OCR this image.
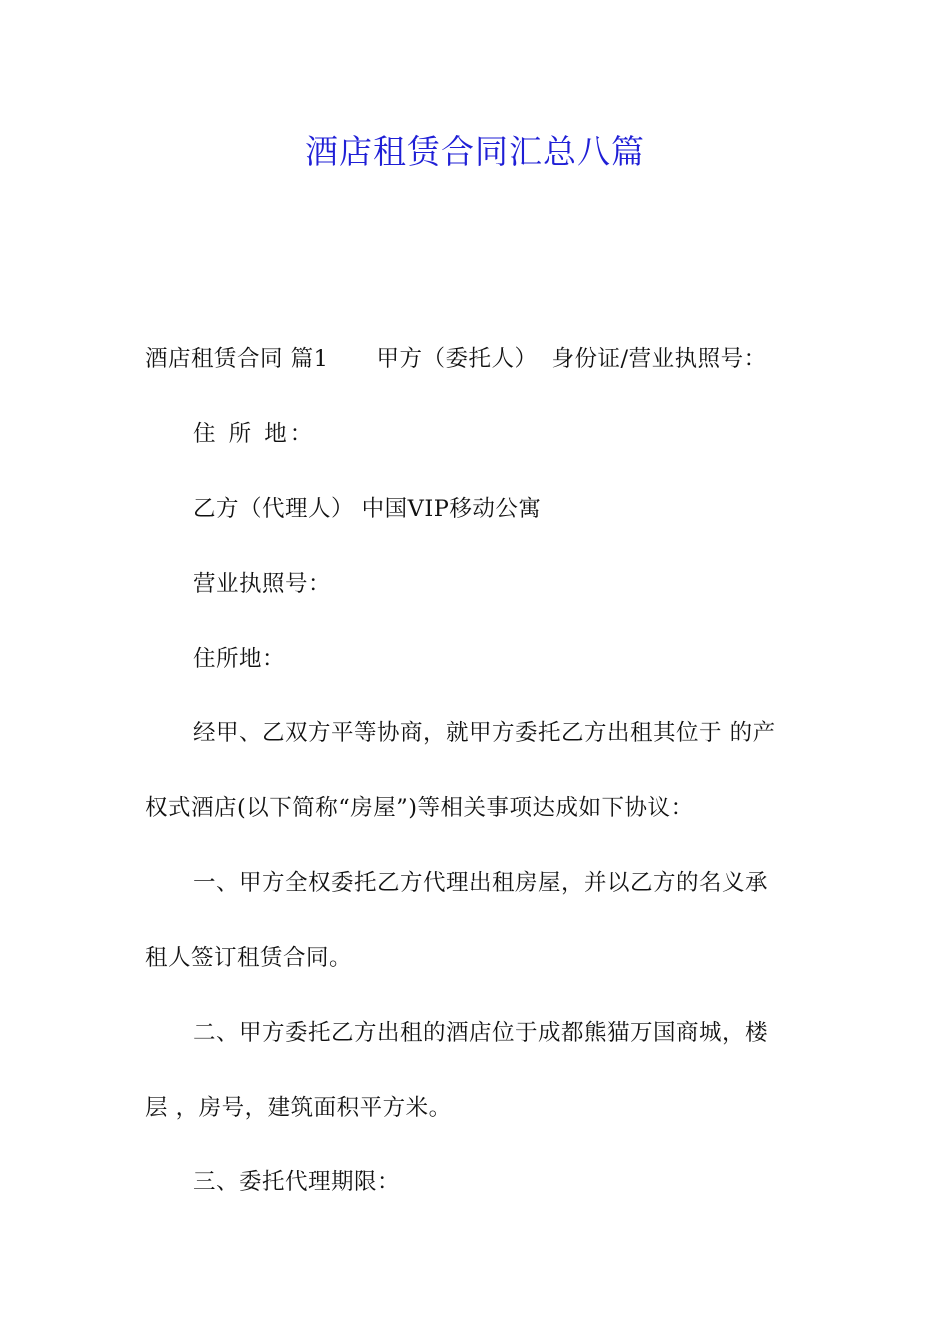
酒店租赁合同汇总八篇
酒店租赁合同 篇1 甲方（委托人） 身份证/营业执照号：
住 所 地：
乙方（代理人） 中国VIP移动公寓
营业执照号：
住所地：
经甲、乙双方平等协商，就甲方委托乙方出租其位于 的产
权式酒店(以下简称“房屋”)等相关事项达成如下协议：
一、甲方全权委托乙方代理出租房屋，并以乙方的名义承
租人签订租赁合同。
二、甲方委托乙方出租的酒店位于成都熊猫万国商城，楼
层 ，房号，建筑面积平方米。
三、委托代理期限：
